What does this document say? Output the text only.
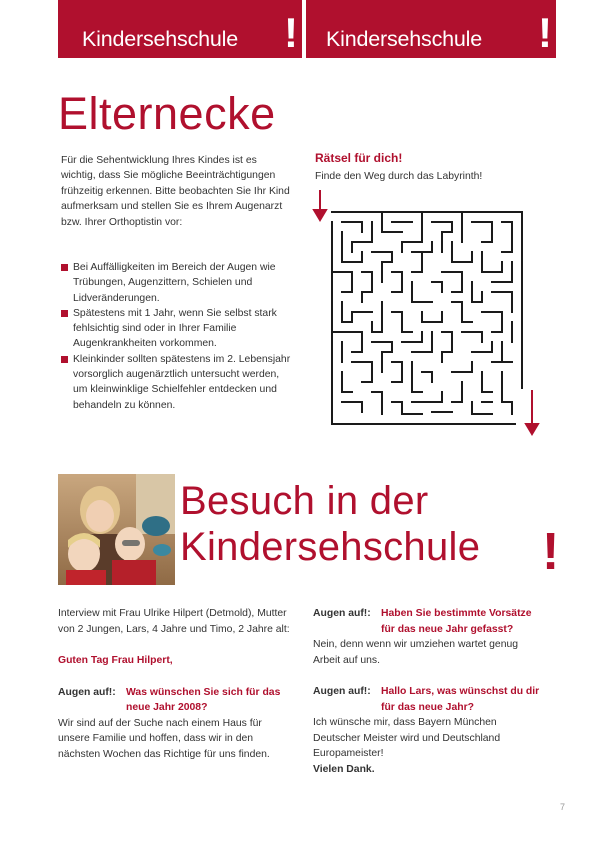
Kindersehschule ! Kindersehschule !
Elternecke

Für die Sehentwicklung Ihres Kindes ist es wichtig, dass Sie mögliche Beeinträchtigungen frühzeitig erkennen. Bitte beobachten Sie Ihr Kind aufmerksam und stellen Sie es Ihrem Augenarzt bzw. Ihrer Orthoptistin vor:

Bei Auffälligkeiten im Bereich der Augen wie Trübungen, Augenzittern, Schielen und Lidveränderungen.
Spätestens mit 1 Jahr, wenn Sie selbst stark fehlsichtig sind oder in Ihrer Familie Augenkrankheiten vorkommen.
Kleinkinder sollten spätestens im 2. Lebensjahr vorsorglich augenärztlich untersucht werden, um kleinwinklige Schielfehler entdecken und behandeln zu können.
Rätsel für dich!
Finde den Weg durch das Labyrinth!
Besuch in der
Kindersehschule !

Interview mit Frau Ulrike Hilpert (Detmold), Mutter von 2 Jungen, Lars, 4 Jahre und Timo, 2 Jahre alt:

Guten Tag Frau Hilpert,

Augen auf!: Was wünschen Sie sich für das neue Jahr 2008?

Wir sind auf der Suche nach einem Haus für unsere Familie und hoffen, dass wir in den nächsten Wochen das Richtige für uns finden.

Augen auf!: Haben Sie bestimmte Vorsätze für das neue Jahr gefasst?

Nein, denn wenn wir umziehen wartet genug Arbeit auf uns.

Augen auf!: Hallo Lars, was wünschst du dir für das neue Jahr?

Ich wünsche mir, dass Bayern München Deutscher Meister wird und Deutschland Europameister!

Vielen Dank.

7
